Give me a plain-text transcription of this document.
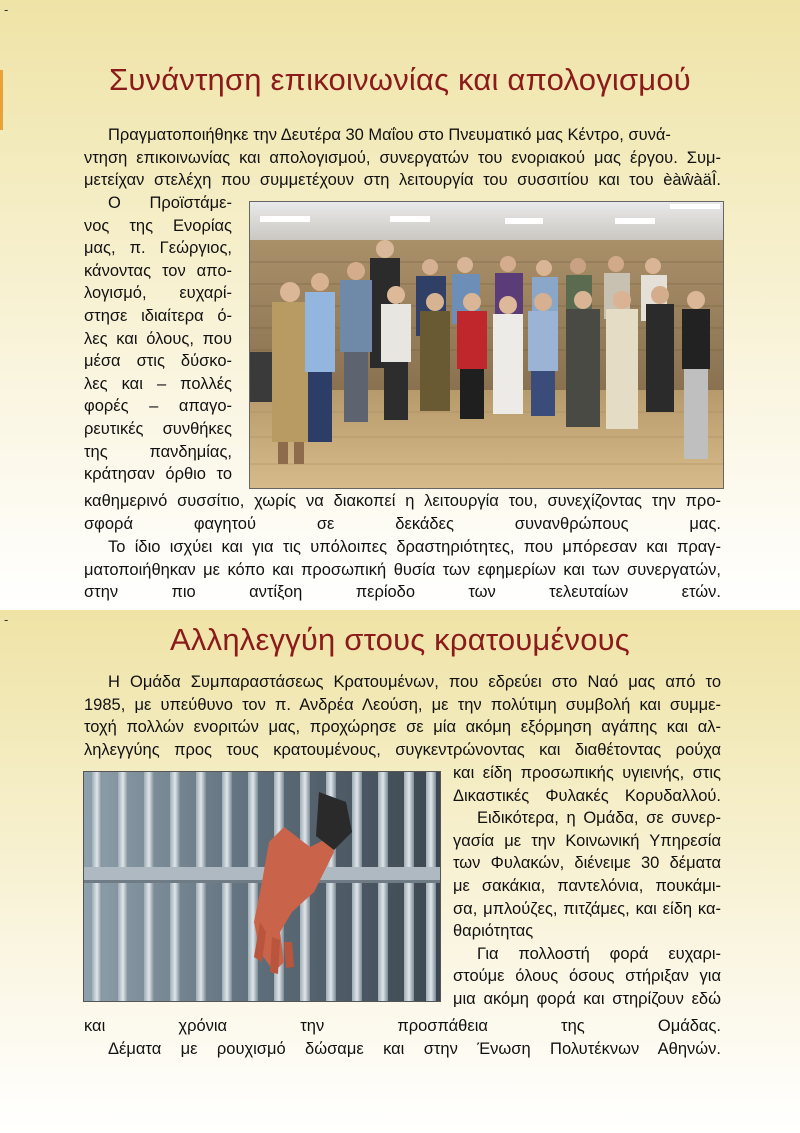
-
-
Συνάντηση επικοινωνίας και απολογισμού
Πραγματοποιήθηκε την Δευτέρα 30 Μαΐου στο Πνευματικό μας Κέντρο, συνά-
ντηση επικοινωνίας και απολογισμού, συνεργατών του ενοριακού μας έργου. Συμ-
μετείχαν στελέχη που συμμετέχουν στη λειτουργία του συσσιτίου και του èàŵàäÎ.
Ο Προϊστάμε-
νος της Ενορίας
μας, π. Γεώργιος,
κάνοντας τον απο-
λογισμό, ευχαρί-
στησε ιδιαίτερα ό-
λες και όλους, που
μέσα στις δύσκο-
λες και – πολλές
φορές – απαγο-
ρευτικές συνθήκες
της πανδημίας,
κράτησαν όρθιο το
καθημερινό συσσίτιο, χωρίς να διακοπεί η λειτουργία του, συνεχίζοντας την προ-
σφορά φαγητού σε δεκάδες συνανθρώπους μας.
Το ίδιο ισχύει και για τις υπόλοιπες δραστηριότητες, που μπόρεσαν και πραγ-
ματοποιήθηκαν με κόπο και προσωπική θυσία των εφημερίων και των συνεργατών,
στην πιο αντίξοη περίοδο των τελευταίων ετών.
Αλληλεγγύη στους κρατουμένους
Η Ομάδα Συμπαραστάσεως Κρατουμένων, που εδρεύει στο Ναό μας από το
1985, με υπεύθυνο τον π. Ανδρέα Λεούση, με την πολύτιμη συμβολή και συμμε-
τοχή πολλών ενοριτών μας, προχώρησε σε μία ακόμη εξόρμηση αγάπης και αλ-
ληλεγγύης προς τους κρατουμένους, συγκεντρώνοντας και διαθέτοντας ρούχα
και είδη προσωπικής υγιεινής, στις
Δικαστικές Φυλακές Κορυδαλλού.
Ειδικότερα, η Ομάδα, σε συνερ-
γασία με την Κοινωνική Υπηρεσία
των Φυλακών, διένειμε 30 δέματα
με σακάκια, παντελόνια, πουκάμι-
σα, μπλούζες, πιτζάμες, και είδη κα-
θαριότητας
Για πολλοστή φορά ευχαρι-
στούμε όλους όσους στήριξαν για
μια ακόμη φορά και στηρίζουν εδώ
και χρόνια την προσπάθεια της Ομάδας.
Δέματα με ρουχισμό δώσαμε και στην Ένωση Πολυτέκνων Αθηνών.
